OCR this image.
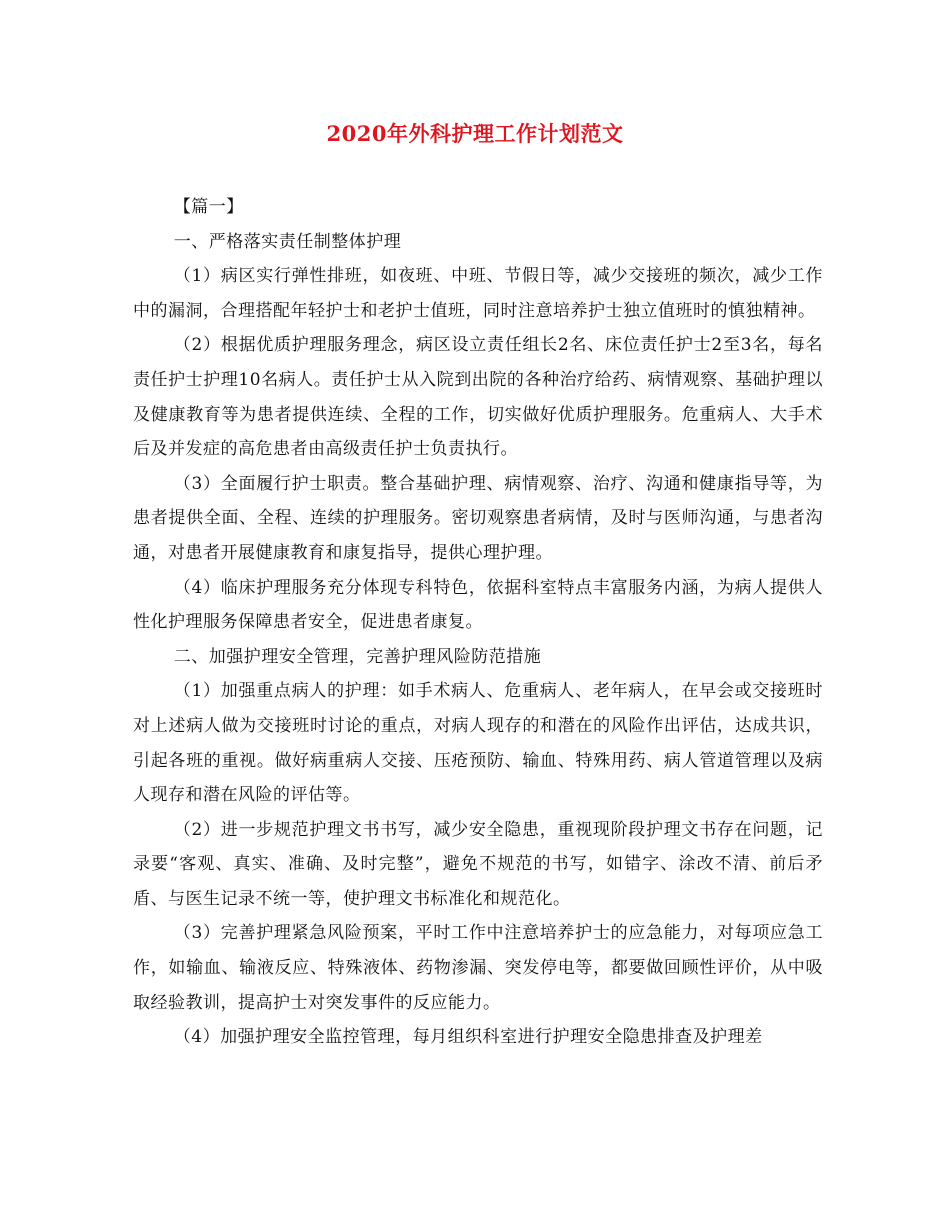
2020年外科护理工作计划范文

【篇一】

一、严格落实责任制整体护理

（1）病区实行弹性排班，如夜班、中班、节假日等，减少交接班的频次，减少工作中的漏洞，合理搭配年轻护士和老护士值班，同时注意培养护士独立值班时的慎独精神。

（2）根据优质护理服务理念，病区设立责任组长2名、床位责任护士2至3名，每名责任护士护理10名病人。责任护士从入院到出院的各种治疗给药、病情观察、基础护理以及健康教育等为患者提供连续、全程的工作，切实做好优质护理服务。危重病人、大手术后及并发症的高危患者由高级责任护士负责执行。

（3）全面履行护士职责。整合基础护理、病情观察、治疗、沟通和健康指导等，为患者提供全面、全程、连续的护理服务。密切观察患者病情，及时与医师沟通，与患者沟通，对患者开展健康教育和康复指导，提供心理护理。

（4）临床护理服务充分体现专科特色，依据科室特点丰富服务内涵，为病人提供人性化护理服务保障患者安全，促进患者康复。

二、加强护理安全管理，完善护理风险防范措施

（1）加强重点病人的护理：如手术病人、危重病人、老年病人，在早会或交接班时对上述病人做为交接班时讨论的重点，对病人现存的和潜在的风险作出评估，达成共识，引起各班的重视。做好病重病人交接、压疮预防、输血、特殊用药、病人管道管理以及病人现存和潜在风险的评估等。

（2）进一步规范护理文书书写，减少安全隐患，重视现阶段护理文书存在问题，记录要“客观、真实、准确、及时完整”，避免不规范的书写，如错字、涂改不清、前后矛盾、与医生记录不统一等，使护理文书标准化和规范化。

（3）完善护理紧急风险预案，平时工作中注意培养护士的应急能力，对每项应急工作，如输血、输液反应、特殊液体、药物渗漏、突发停电等，都要做回顾性评价，从中吸取经验教训，提高护士对突发事件的反应能力。

（4）加强护理安全监控管理，每月组织科室进行护理安全隐患排查及护理差
